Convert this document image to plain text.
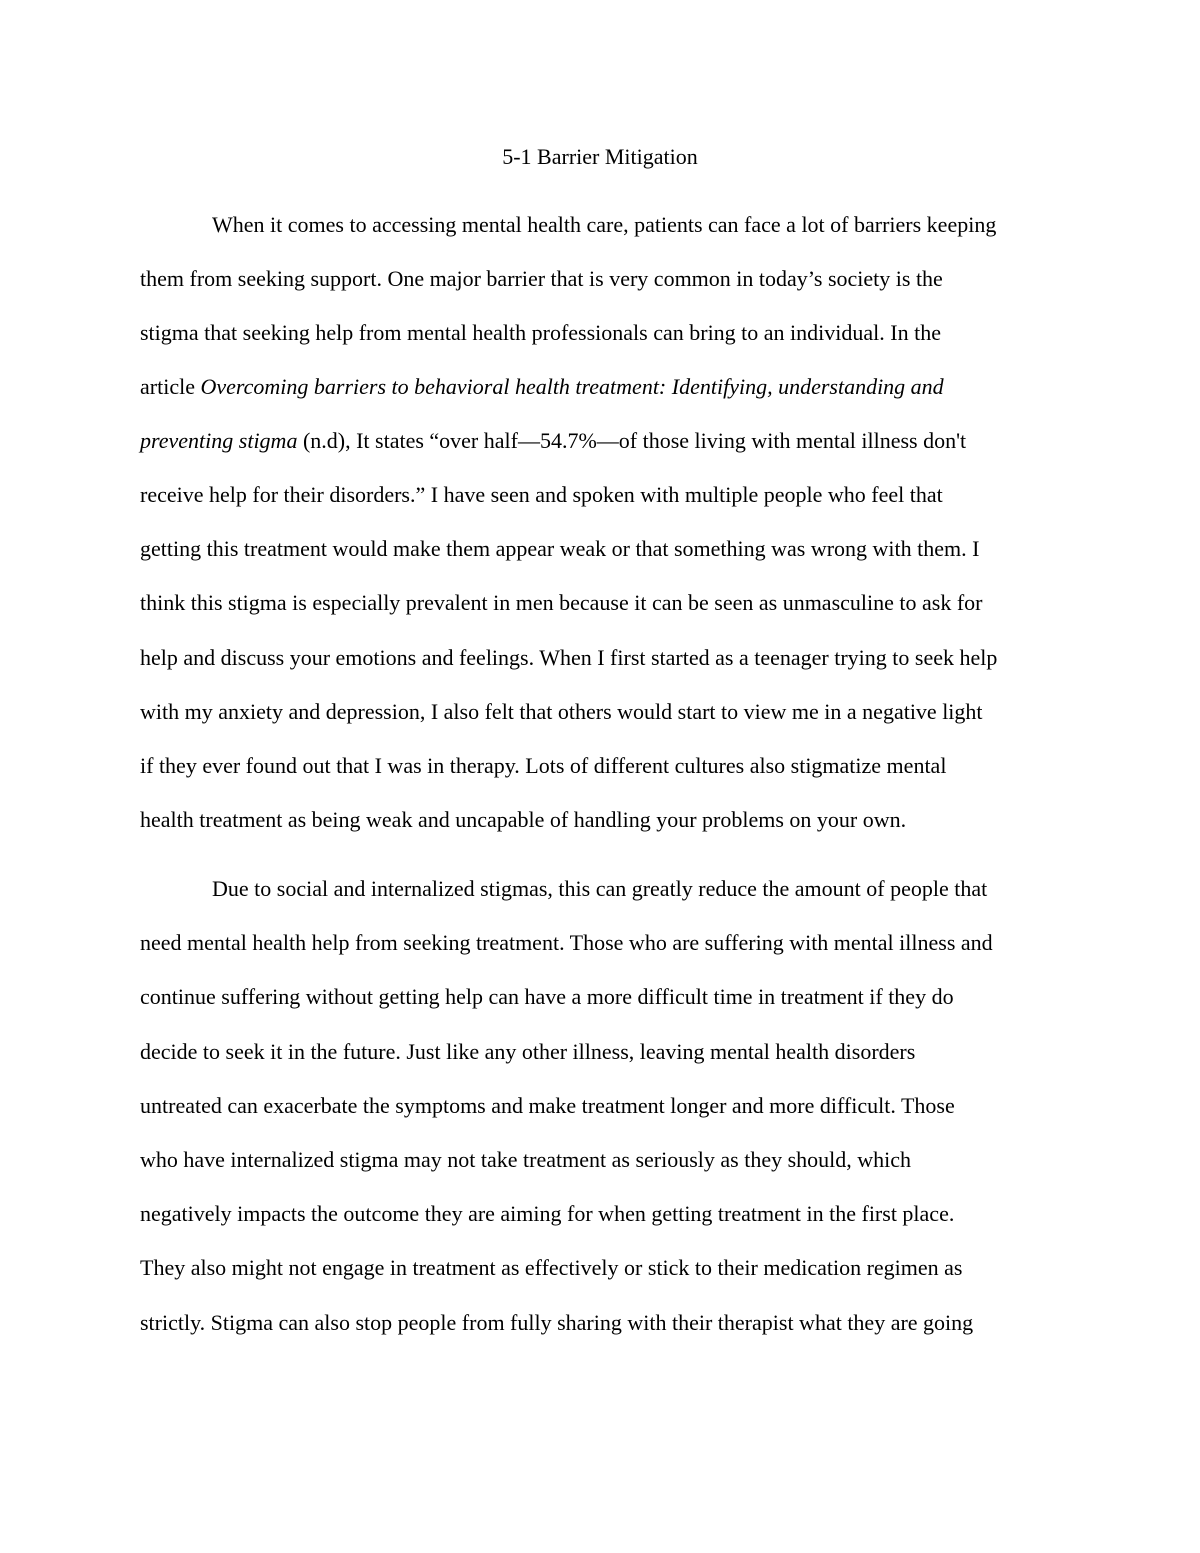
5-1 Barrier Mitigation

When it comes to accessing mental health care, patients can face a lot of barriers keeping

them from seeking support. One major barrier that is very common in today’s society is the

stigma that seeking help from mental health professionals can bring to an individual. In the

article Overcoming barriers to behavioral health treatment: Identifying, understanding and

preventing stigma (n.d), It states “over half—54.7%—of those living with mental illness don't

receive help for their disorders.” I have seen and spoken with multiple people who feel that

getting this treatment would make them appear weak or that something was wrong with them. I

think this stigma is especially prevalent in men because it can be seen as unmasculine to ask for

help and discuss your emotions and feelings. When I first started as a teenager trying to seek help

with my anxiety and depression, I also felt that others would start to view me in a negative light

if they ever found out that I was in therapy. Lots of different cultures also stigmatize mental

health treatment as being weak and uncapable of handling your problems on your own.

Due to social and internalized stigmas, this can greatly reduce the amount of people that

need mental health help from seeking treatment. Those who are suffering with mental illness and

continue suffering without getting help can have a more difficult time in treatment if they do

decide to seek it in the future. Just like any other illness, leaving mental health disorders

untreated can exacerbate the symptoms and make treatment longer and more difficult. Those

who have internalized stigma may not take treatment as seriously as they should, which

negatively impacts the outcome they are aiming for when getting treatment in the first place.

They also might not engage in treatment as effectively or stick to their medication regimen as

strictly. Stigma can also stop people from fully sharing with their therapist what they are going
